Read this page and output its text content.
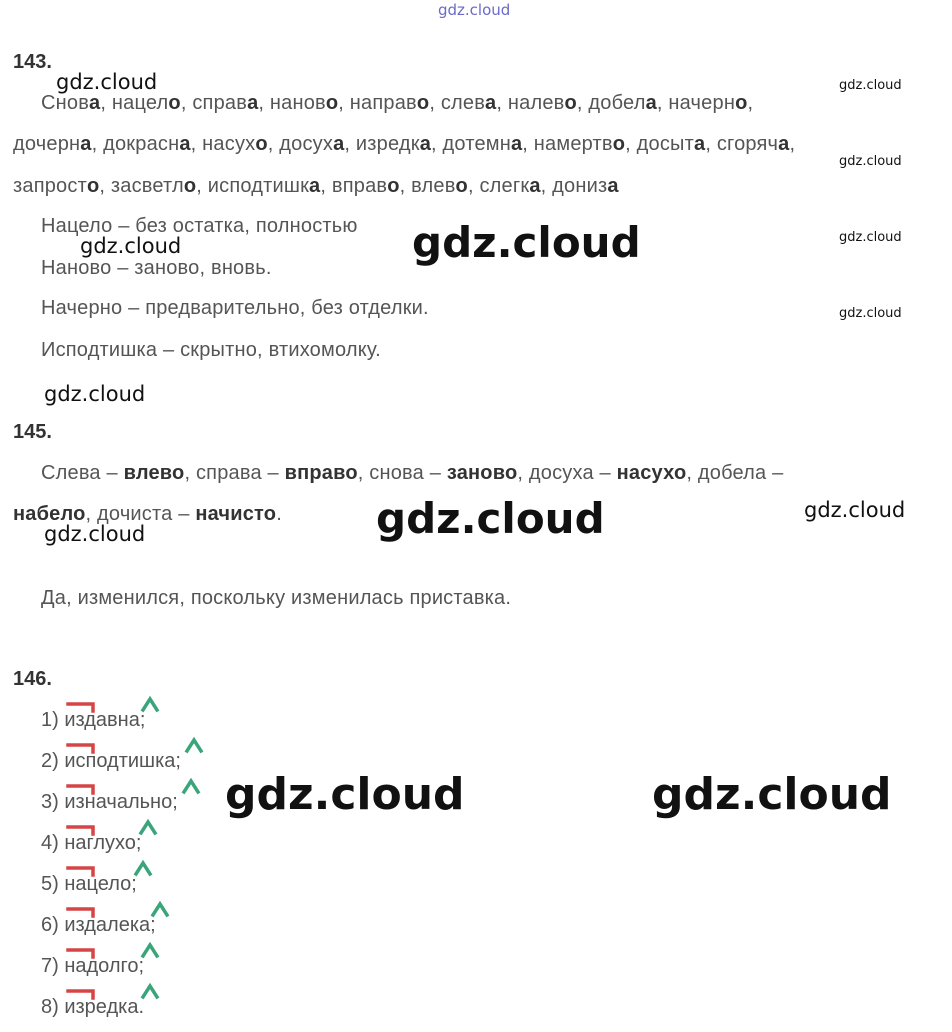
gdz.cloud
143.
Снова, нацело, справа, наново, направо, слева, налево, добела, начерно,
дочерна, докрасна, насухо, досуха, изредка, дотемна, намертво, досыта, сгоряча,
запросто, засветло, исподтишка, вправо, влево, слегка, дониза
Нацело – без остатка, полностью
Наново – заново, вновь.
Начерно – предварительно, без отделки.
Исподтишка – скрытно, втихомолку.
145.
Слева – влево, справа – вправо, снова – заново, досуха – насухо, добела –
набело, дочиста – начисто.
Да, изменился, поскольку изменилась приставка.
146.
1) издавна;
2) исподтишка;
3) изначально;
4) наглухо;
5) нацело;
6) издалека;
7) надолго;
8) изредка.
gdz.cloud	gdz.cloud
gdz.cloud
gdz.cloud
gdz.cloud
gdz.cloud	gdz.cloud
gdz.cloud
gdz.cloud	gdz.cloud
gdz.cloud
gdz.cloud	gdz.cloud
